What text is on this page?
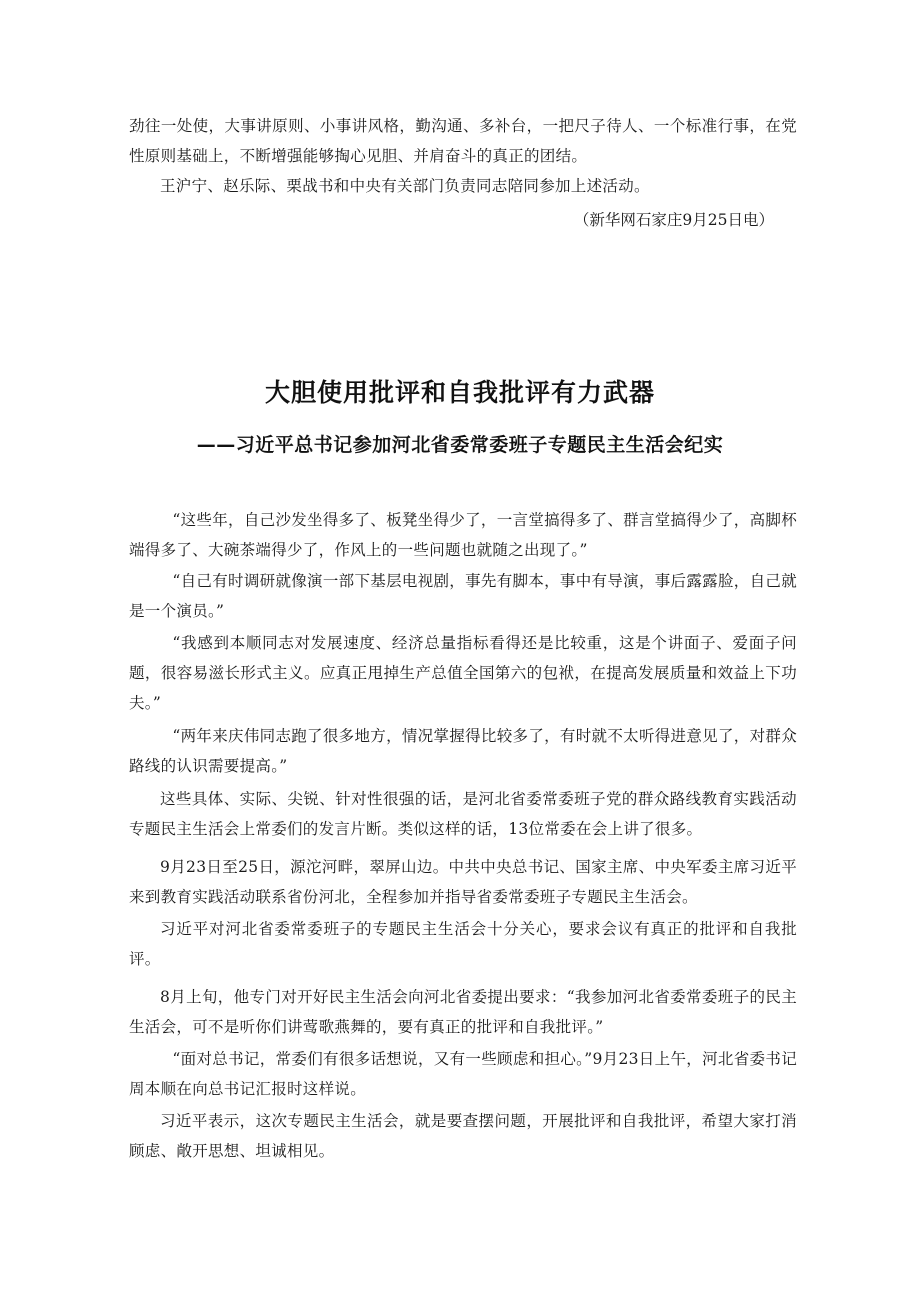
劲往一处使，大事讲原则、小事讲风格，勤沟通、多补台，一把尺子待人、一个标准行事，在党性原则基础上，不断增强能够掏心见胆、并肩奋斗的真正的团结。

王沪宁、赵乐际、栗战书和中央有关部门负责同志陪同参加上述活动。

（新华网石家庄9月25日电）

大胆使用批评和自我批评有力武器
——习近平总书记参加河北省委常委班子专题民主生活会纪实

“这些年，自己沙发坐得多了、板凳坐得少了，一言堂搞得多了、群言堂搞得少了，高脚杯端得多了、大碗茶端得少了，作风上的一些问题也就随之出现了。”

“自己有时调研就像演一部下基层电视剧，事先有脚本，事中有导演，事后露露脸，自己就是一个演员。”

“我感到本顺同志对发展速度、经济总量指标看得还是比较重，这是个讲面子、爱面子问题，很容易滋长形式主义。应真正甩掉生产总值全国第六的包袱，在提高发展质量和效益上下功夫。”

“两年来庆伟同志跑了很多地方，情况掌握得比较多了，有时就不太听得进意见了，对群众路线的认识需要提高。”

这些具体、实际、尖锐、针对性很强的话，是河北省委常委班子党的群众路线教育实践活动专题民主生活会上常委们的发言片断。类似这样的话，13位常委在会上讲了很多。

9月23日至25日，源沱河畔，翠屏山边。中共中央总书记、国家主席、中央军委主席习近平来到教育实践活动联系省份河北，全程参加并指导省委常委班子专题民主生活会。

习近平对河北省委常委班子的专题民主生活会十分关心，要求会议有真正的批评和自我批评。

8月上旬，他专门对开好民主生活会向河北省委提出要求：“我参加河北省委常委班子的民主生活会，可不是听你们讲莺歌燕舞的，要有真正的批评和自我批评。”

“面对总书记，常委们有很多话想说，又有一些顾虑和担心。”9月23日上午，河北省委书记周本顺在向总书记汇报时这样说。

习近平表示，这次专题民主生活会，就是要查摆问题，开展批评和自我批评，希望大家打消顾虑、敞开思想、坦诚相见。
